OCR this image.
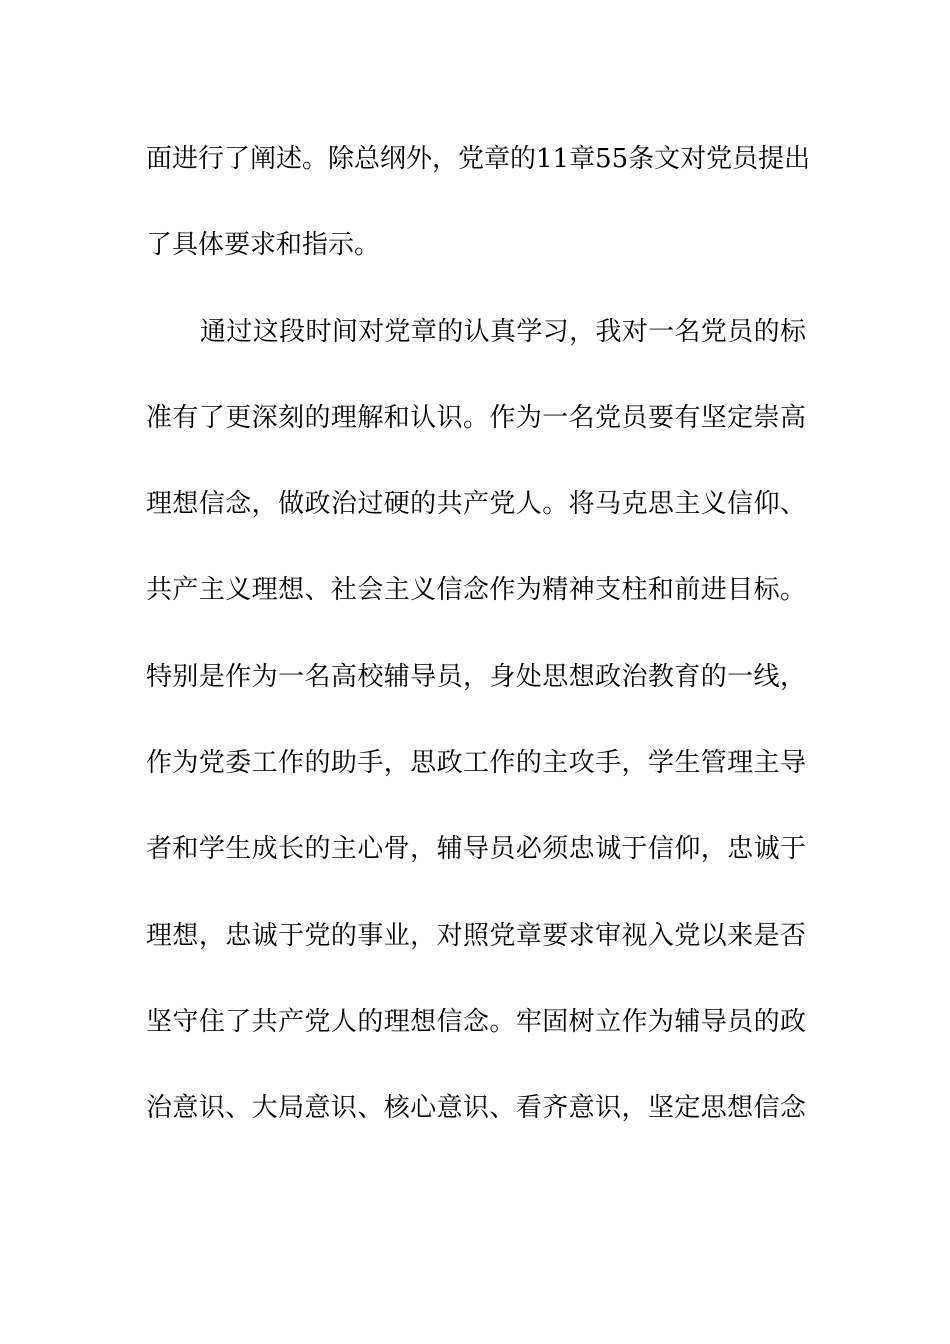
面进行了阐述。除总纲外，党章的11章55条文对党员提出
了具体要求和指示。
通过这段时间对党章的认真学习，我对一名党员的标
准有了更深刻的理解和认识。作为一名党员要有坚定崇高
理想信念，做政治过硬的共产党人。将马克思主义信仰、
共产主义理想、社会主义信念作为精神支柱和前进目标。
特别是作为一名高校辅导员，身处思想政治教育的一线，
作为党委工作的助手，思政工作的主攻手，学生管理主导
者和学生成长的主心骨，辅导员必须忠诚于信仰，忠诚于
理想，忠诚于党的事业，对照党章要求审视入党以来是否
坚守住了共产党人的理想信念。牢固树立作为辅导员的政
治意识、大局意识、核心意识、看齐意识，坚定思想信念
